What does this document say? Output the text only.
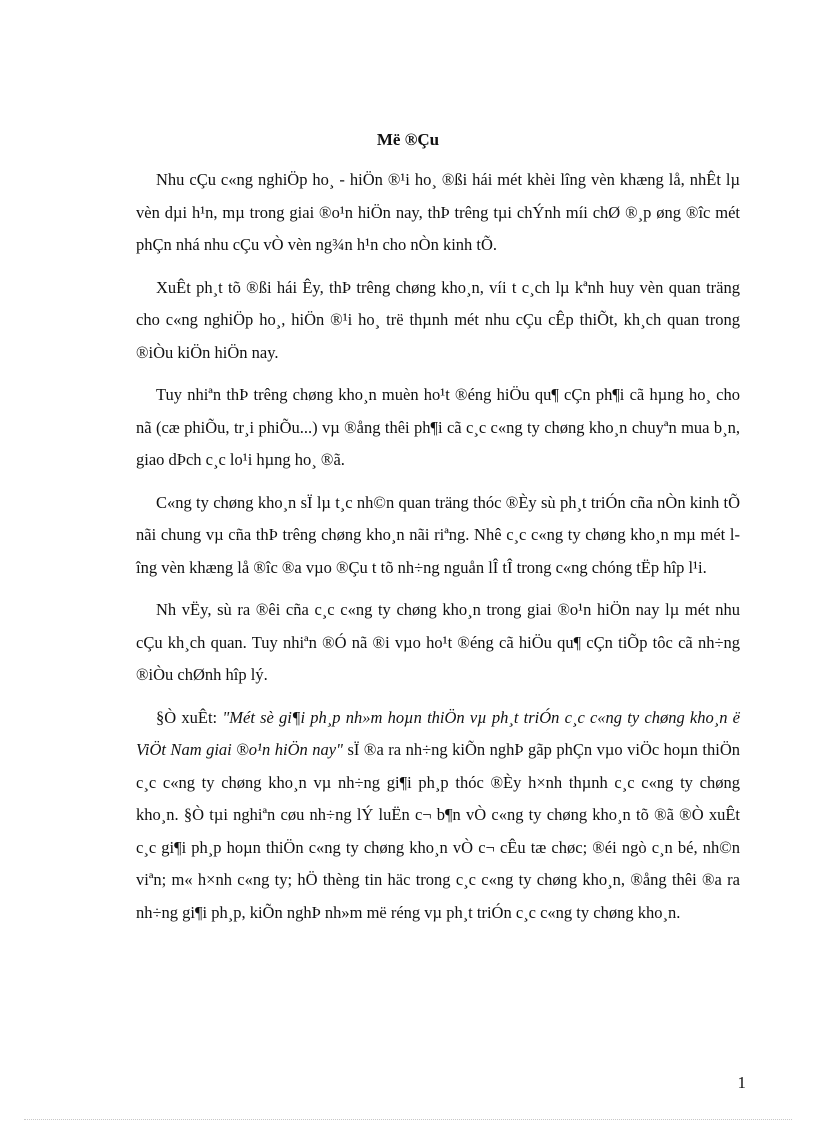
Më ®Çu

Nhu cÇu c«ng nghiÖp ho¸ - hiÖn ®¹i ho¸ ®ßi hái mét khèi lîng vèn khæng lå, nhÊt lµ vèn dµi h¹n, mµ trong giai ®o¹n hiÖn nay, thÞ trêng tµi chÝnh míi chØ ®¸p øng ®îc mét phÇn nhá nhu cÇu vÒ vèn ng¾n h¹n cho nÒn kinh tÕ.

XuÊt ph¸t tõ ®ßi hái Êy, thÞ trêng chøng kho¸n, víi t c¸ch lµ kªnh huy vèn quan träng cho c«ng nghiÖp ho¸, hiÖn ®¹i ho¸ trë thµnh mét nhu cÇu cÊp thiÕt, kh¸ch quan trong ®iÒu kiÖn hiÖn nay.

Tuy nhiªn thÞ trêng chøng kho¸n muèn ho¹t ®éng hiÖu qu¶ cÇn ph¶i cã hµng ho¸ cho nã (cæ phiÕu, tr¸i phiÕu...) vµ ®ång thêi ph¶i cã c¸c c«ng ty chøng kho¸n chuyªn mua b¸n, giao dÞch c¸c lo¹i hµng ho¸ ®ã.

C«ng ty chøng kho¸n sÏ lµ t¸c nh©n quan träng thóc ®Èy sù ph¸t triÓn cña nÒn kinh tÕ nãi chung vµ cña thÞ trêng chøng kho¸n nãi riªng. Nhê c¸c c«ng ty chøng kho¸n mµ mét lîng vèn khæng lå ®îc ®a vµo ®Çu t tõ nh÷ng nguån lÎ tÎ trong c«ng chóng tËp hîp l¹i.

Nh vËy, sù ra ®êi cña c¸c c«ng ty chøng kho¸n trong giai ®o¹n hiÖn nay lµ mét nhu cÇu kh¸ch quan. Tuy nhiªn ®Ó nã ®i vµo ho¹t ®éng cã hiÖu qu¶ cÇn tiÕp tôc cã nh÷ng ®iÒu chØnh hîp lý.

§Ò xuÊt: "Mét sè gi¶i ph¸p nh»m hoµn thiÖn vµ ph¸t triÓn c¸c c«ng ty chøng kho¸n ë ViÖt Nam giai ®o¹n hiÖn nay" sÏ ®a ra nh÷ng kiÕn nghÞ gãp phÇn vµo viÖc hoµn thiÖn c¸c c«ng ty chøng kho¸n vµ nh÷ng gi¶i ph¸p thóc ®Èy h×nh thµnh c¸c c«ng ty chøng kho¸n. §Ò tµi nghiªn cøu nh÷ng lÝ luËn c¬ b¶n vÒ c«ng ty chøng kho¸n tõ ®ã ®Ò xuÊt c¸c gi¶i ph¸p hoµn thiÖn c«ng ty chøng kho¸n vÒ c¬ cÊu tæ chøc; ®éi ngò c¸n bé, nh©n viªn; m« h×nh c«ng ty; hÖ thèng tin häc trong c¸c c«ng ty chøng kho¸n, ®ång thêi ®a ra nh÷ng gi¶i ph¸p, kiÕn nghÞ nh»m më réng vµ ph¸t triÓn c¸c c«ng ty chøng kho¸n.

1
